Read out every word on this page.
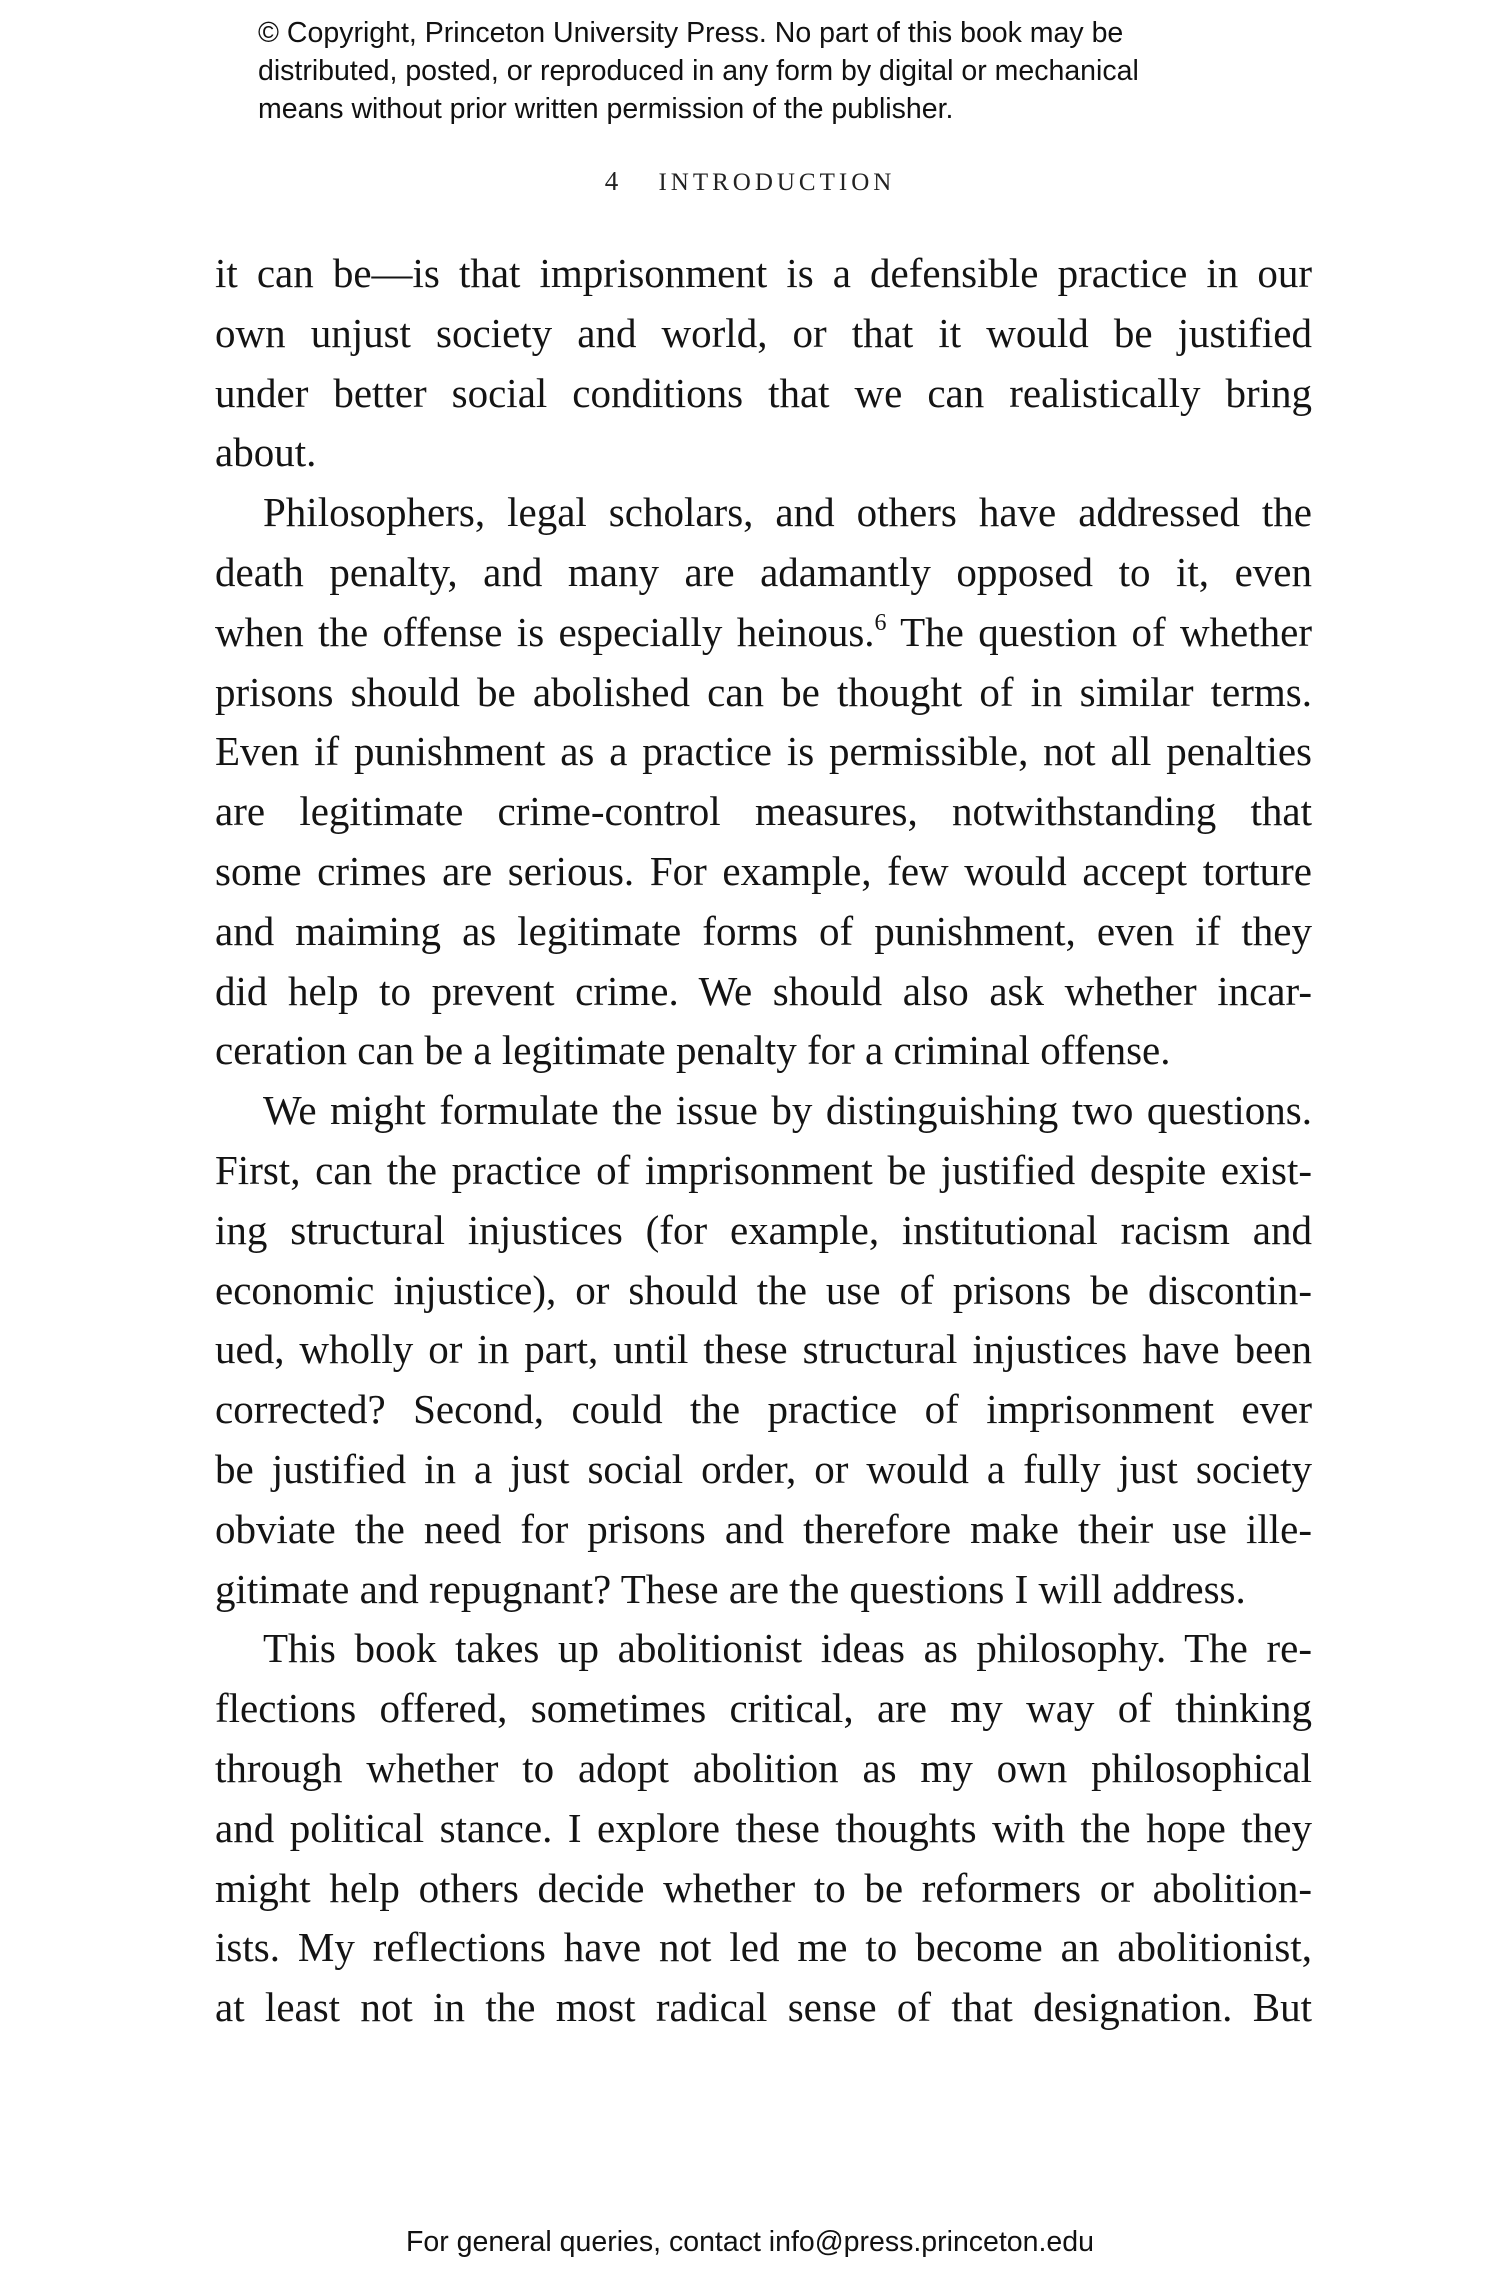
© Copyright, Princeton University Press. No part of this book may be
distributed, posted, or reproduced in any form by digital or mechanical
means without prior written permission of the publisher.
4 INTRODUCTION
it can be—is that imprisonment is a defensible practice in our
own unjust society and world, or that it would be justified
under better social conditions that we can realistically bring
about.
Philosophers, legal scholars, and others have addressed the
death penalty, and many are adamantly opposed to it, even
when the offense is especially heinous.$^6$ The question of whether
prisons should be abolished can be thought of in similar terms.
Even if punishment as a practice is permissible, not all penalties
are legitimate crime-control measures, notwithstanding that
some crimes are serious. For example, few would accept torture
and maiming as legitimate forms of punishment, even if they
did help to prevent crime. We should also ask whether incar-
ceration can be a legitimate penalty for a criminal offense.
We might formulate the issue by distinguishing two questions.
First, can the practice of imprisonment be justified despite exist-
ing structural injustices (for example, institutional racism and
economic injustice), or should the use of prisons be discontin-
ued, wholly or in part, until these structural injustices have been
corrected? Second, could the practice of imprisonment ever
be justified in a just social order, or would a fully just society
obviate the need for prisons and therefore make their use ille-
gitimate and repugnant? These are the questions I will address.
This book takes up abolitionist ideas as philosophy. The re-
flections offered, sometimes critical, are my way of thinking
through whether to adopt abolition as my own philosophical
and political stance. I explore these thoughts with the hope they
might help others decide whether to be reformers or abolition-
ists. My reflections have not led me to become an abolitionist,
at least not in the most radical sense of that designation. But
For general queries, contact info@press.princeton.edu
